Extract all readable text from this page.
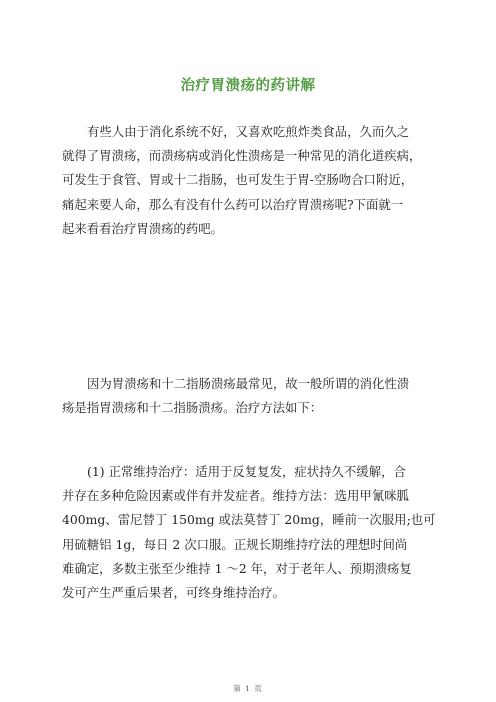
治疗胃溃疡的药讲解
有些人由于消化系统不好，又喜欢吃煎炸类食品，久而久之
就得了胃溃疡，而溃疡病或消化性溃疡是一种常见的消化道疾病，
可发生于食管、胃或十二指肠，也可发生于胃-空肠吻合口附近，
痛起来要人命，那么有没有什么药可以治疗胃溃疡呢?下面就一
起来看看治疗胃溃疡的药吧。
因为胃溃疡和十二指肠溃疡最常见，故一般所谓的消化性溃
疡是指胃溃疡和十二指肠溃疡。治疗方法如下：
(1) 正常维持治疗：适用于反复复发，症状持久不缓解，合
并存在多种危险因素或伴有并发症者。维持方法：选用甲氰咪胍
400mg、雷尼替丁 150mg 或法莫替丁 20mg，睡前一次服用;也可
用硫糖铝 1g，每日 2 次口服。正规长期维持疗法的理想时间尚
难确定，多数主张至少维持 1 ～2 年，对于老年人、预期溃疡复
发可产生严重后果者，可终身维持治疗。
第 1 页
